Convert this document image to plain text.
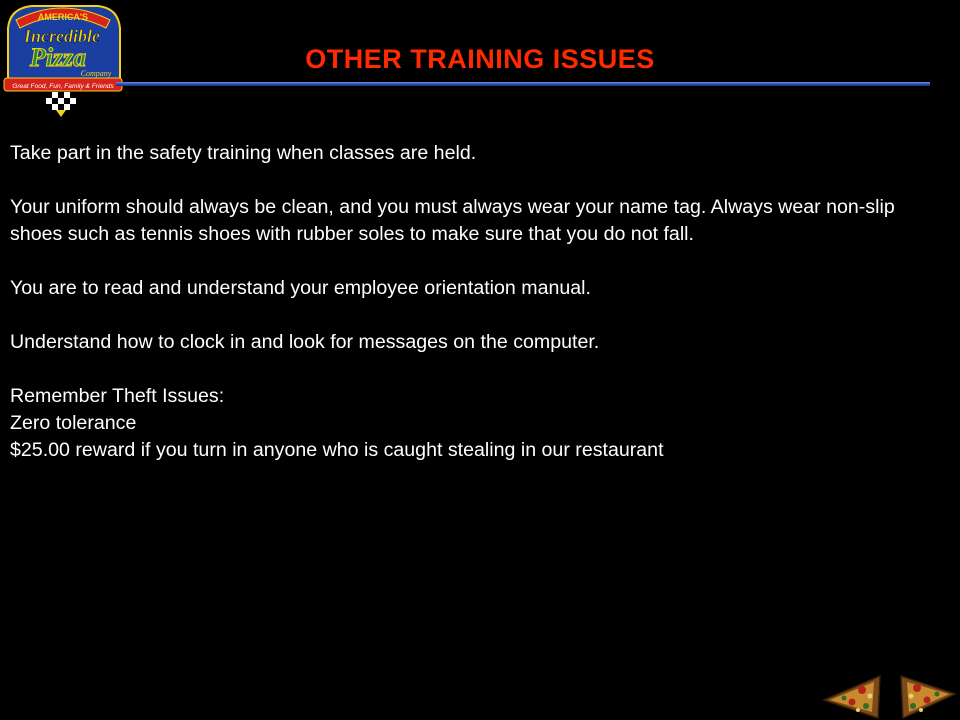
AMERICA'S
Incredible
Pizza
Company
Great Food, Fun, Family & Friends
OTHER TRAINING ISSUES

Take part in the safety training when classes are held.

Your uniform should always be clean, and you must always wear your name tag. Always wear non-slip shoes such as tennis shoes with rubber soles to make sure that you do not fall.

You are to read and understand your employee orientation manual.

Understand how to clock in and look for messages on the computer.

Remember Theft Issues:
Zero tolerance
$25.00 reward if you turn in anyone who is caught stealing in our restaurant
